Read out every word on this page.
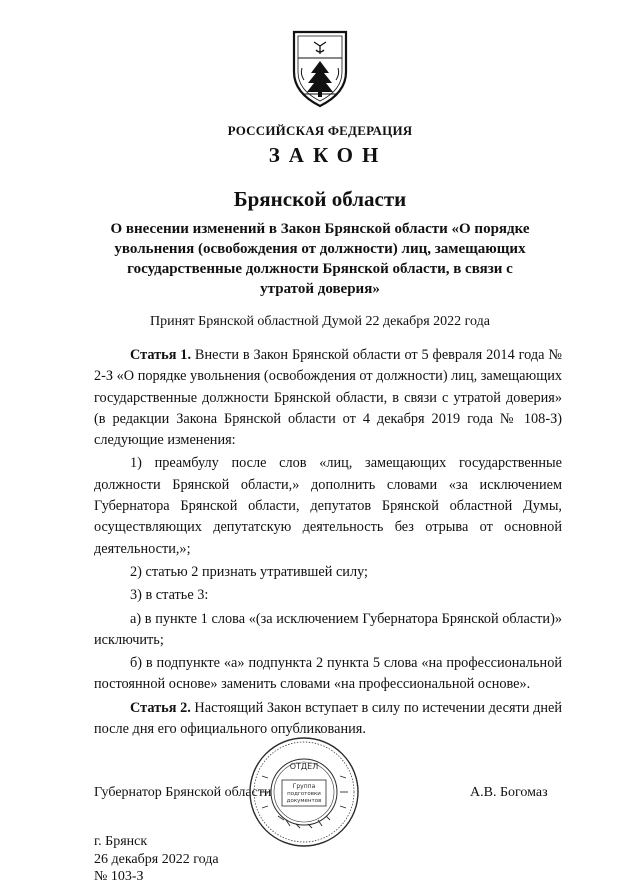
РОССИЙСКАЯ ФЕДЕРАЦИЯ
ЗАКОН
Брянской области
О внесении изменений в Закон Брянской области «О порядке увольнения (освобождения от должности) лиц, замещающих государственные должности Брянской области, в связи с утратой доверия»
Принят Брянской областной Думой 22 декабря 2022 года

Статья 1. Внести в Закон Брянской области от 5 февраля 2014 года № 2-З «О порядке увольнения (освобождения от должности) лиц, замещающих государственные должности Брянской области, в связи с утратой доверия» (в редакции Закона Брянской области от 4 декабря 2019 года № 108-З) следующие изменения:

1) преамбулу после слов «лиц, замещающих государственные должности Брянской области,» дополнить словами «за исключением Губернатора Брянской области, депутатов Брянской областной Думы, осуществляющих депутатскую деятельность без отрыва от основной деятельности,»;

2) статью 2 признать утратившей силу;

3) в статье 3:

а) в пункте 1 слова «(за исключением Губернатора Брянской области)» исключить;

б) в подпункте «а» подпункта 2 пункта 5 слова «на профессиональной постоянной основе» заменить словами «на профессиональной основе».

Статья 2. Настоящий Закон вступает в силу по истечении десяти дней после дня его официального опубликования.

Губернатор Брянской области	А.В. Богомаз
ОТДЕЛ
Группа
подготовки
документов
г. Брянск
26 декабря 2022 года
№ 103-З
